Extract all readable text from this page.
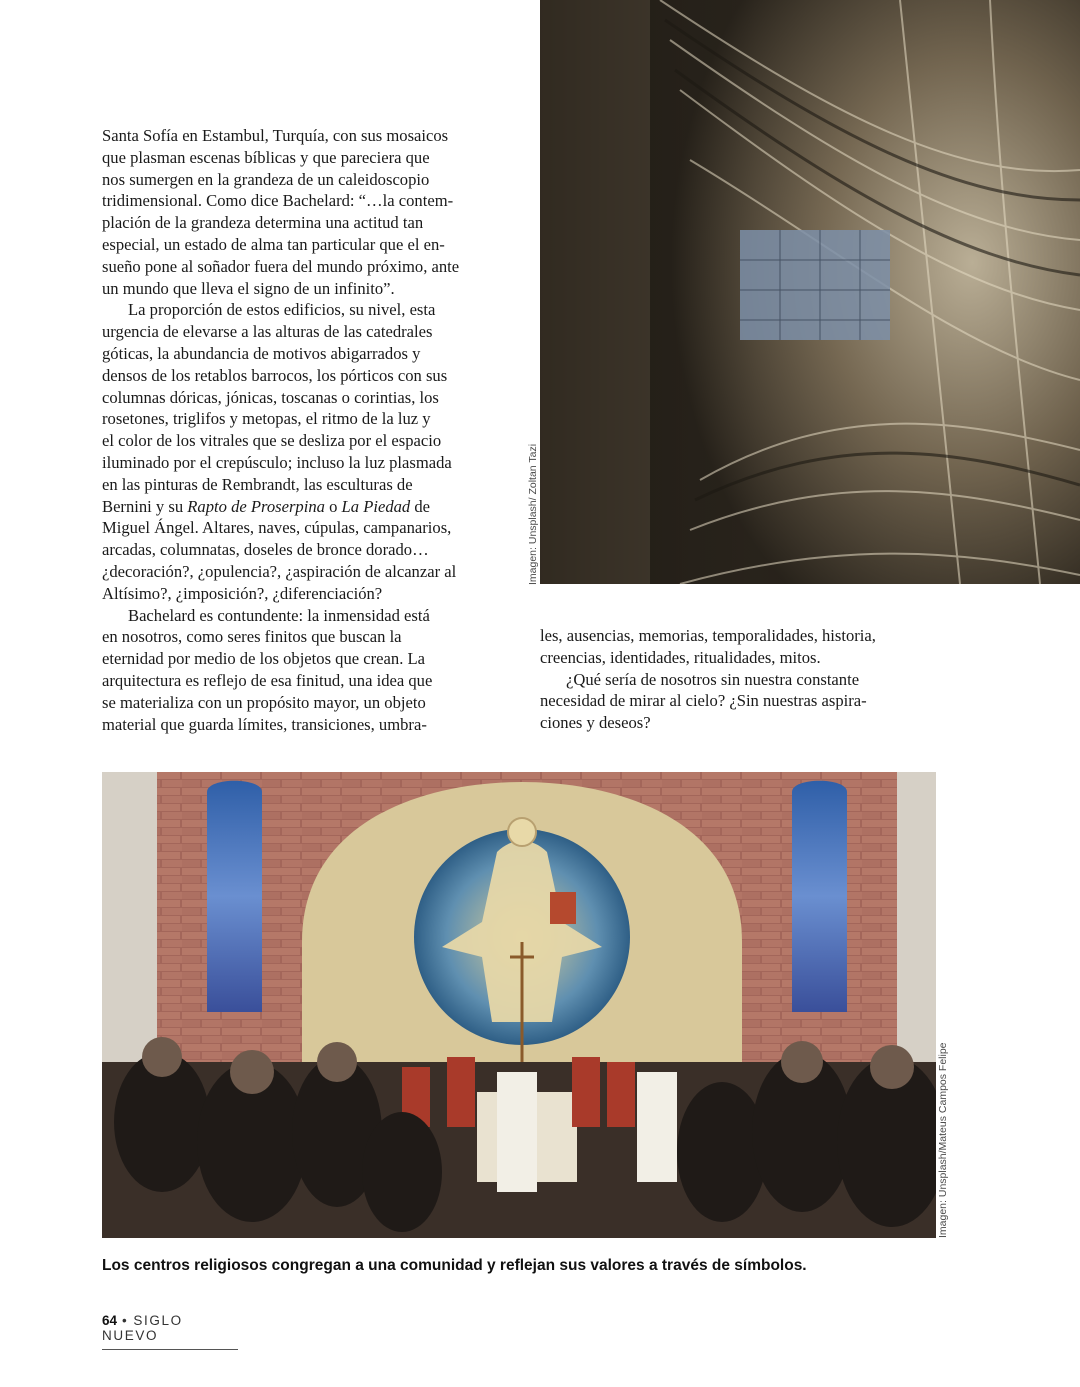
Imagen: Unsplash/ Zoltan Tazi
Santa Sofía en Estambul, Turquía, con sus mosaicos
que plasman escenas bíblicas y que pareciera que
nos sumergen en la grandeza de un caleidoscopio
tridimensional. Como dice Bachelard: “…la contem-
plación de la grandeza determina una actitud tan
especial, un estado de alma tan particular que el en-
sueño pone al soñador fuera del mundo próximo, ante
un mundo que lleva el signo de un infinito”.
La proporción de estos edificios, su nivel, esta
urgencia de elevarse a las alturas de las catedrales
góticas, la abundancia de motivos abigarrados y
densos de los retablos barrocos, los pórticos con sus
columnas dóricas, jónicas, toscanas o corintias, los
rosetones, triglifos y metopas, el ritmo de la luz y
el color de los vitrales que se desliza por el espacio
iluminado por el crepúsculo; incluso la luz plasmada
en las pinturas de Rembrandt, las esculturas de
Bernini y su Rapto de Proserpina o La Piedad de
Miguel Ángel. Altares, naves, cúpulas, campanarios,
arcadas, columnatas, doseles de bronce dorado…
¿decoración?, ¿opulencia?, ¿aspiración de alcanzar al
Altísimo?, ¿imposición?, ¿diferenciación?
Bachelard es contundente: la inmensidad está
en nosotros, como seres finitos que buscan la
eternidad por medio de los objetos que crean. La
arquitectura es reflejo de esa finitud, una idea que
se materializa con un propósito mayor, un objeto
material que guarda límites, transiciones, umbra-
les, ausencias, memorias, temporalidades, historia,
creencias, identidades, ritualidades, mitos.
¿Qué sería de nosotros sin nuestra constante
necesidad de mirar al cielo? ¿Sin nuestras aspira-
ciones y deseos?
Imagen: Unsplash/Mateus Campos Felipe
Los centros religiosos congregan a una comunidad y reflejan sus valores a través de símbolos.
64 • SIGLO NUEVO
